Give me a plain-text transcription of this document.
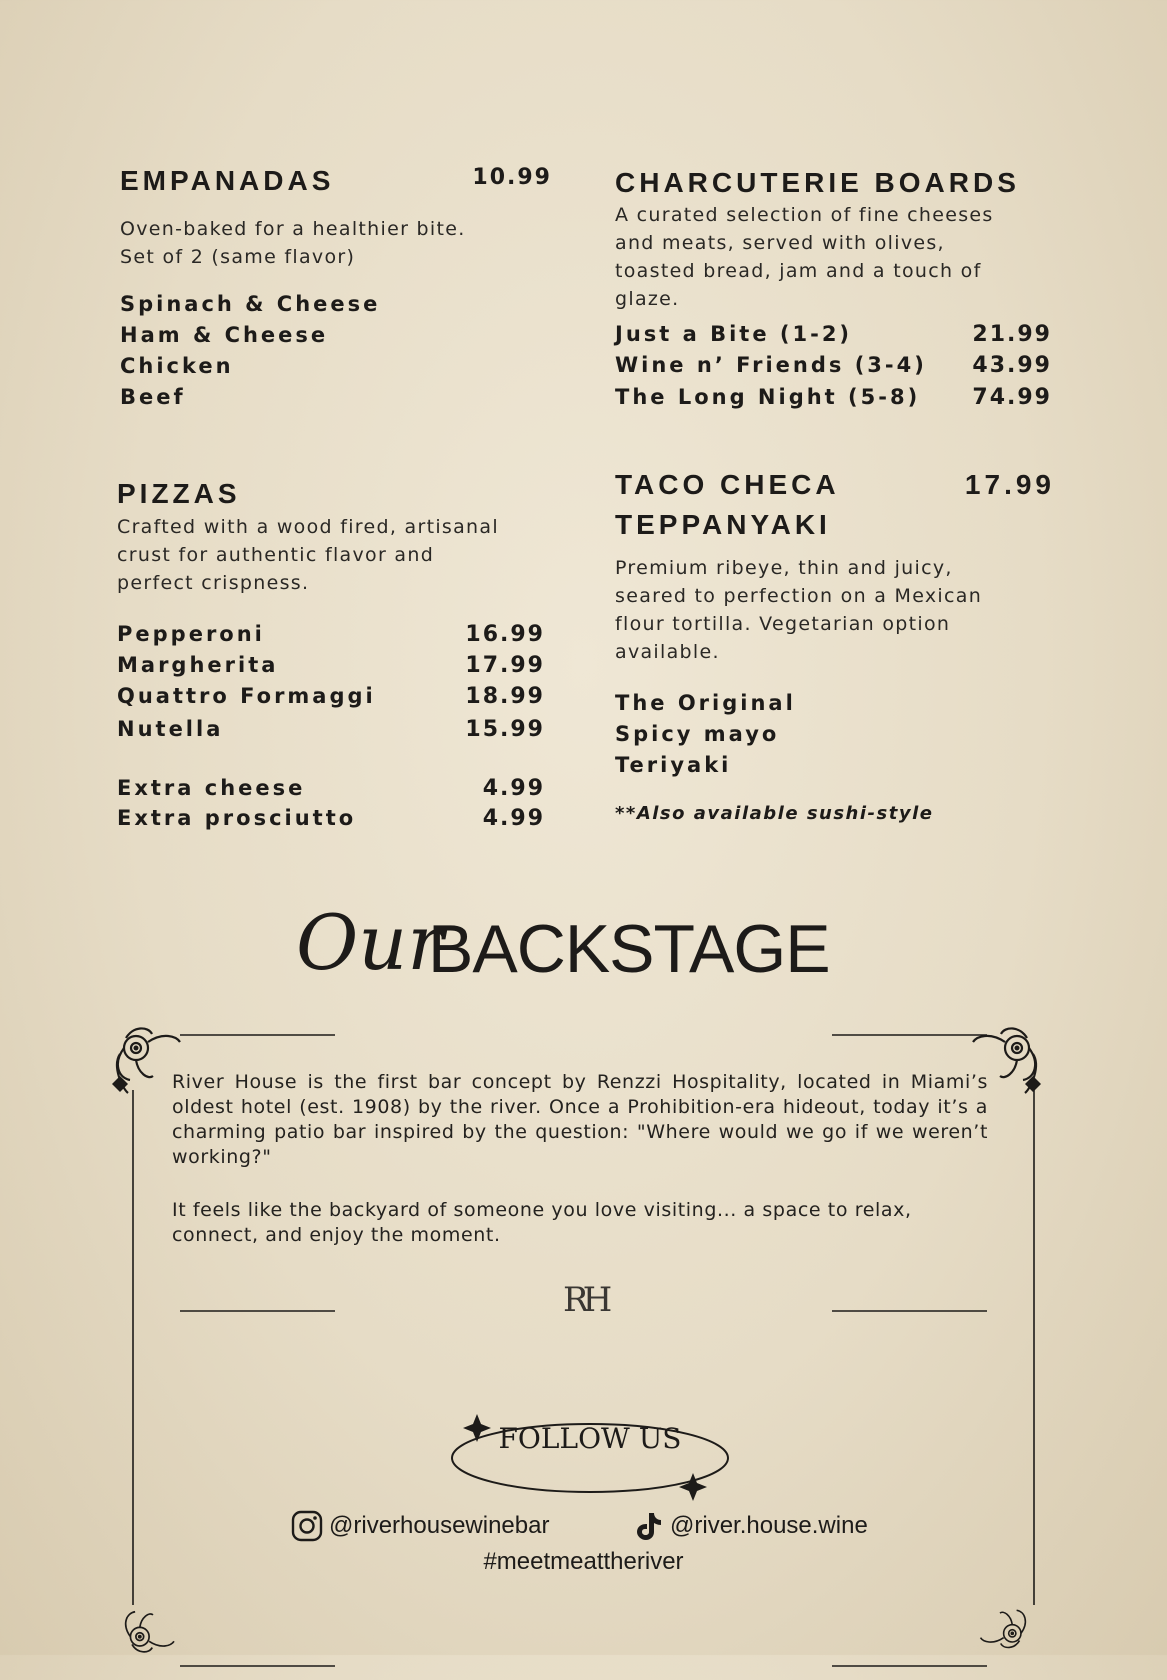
EMPANADAS	10.99
Oven-baked for a healthier bite.
Set of 2 (same flavor)
Spinach & Cheese
Ham & Cheese
Chicken
Beef
CHARCUTERIE BOARDS
A curated selection of fine cheeses
and meats, served with olives,
toasted bread, jam and a touch of
glaze.
Just a Bite (1-2)	21.99
Wine n’ Friends (3-4) 43.99
The Long Night (5-8) 74.99
PIZZAS
Crafted with a wood fired, artisanal
crust for authentic flavor and
perfect crispness.
Pepperoni	16.99
Margherita	17.99
Quattro Formaggi	18.99
Nutella	15.99
Extra cheese	4.99
Extra prosciutto	4.99
TACO CHECA	17.99
TEPPANYAKI
Premium ribeye, thin and juicy,
seared to perfection on a Mexican
flour tortilla. Vegetarian option
available.
The Original
Spicy mayo
Teriyaki
**Also available sushi-style
Our
BACKSTAGE
River House is the first bar concept by Renzzi Hospitality, located in Miami’s oldest hotel (est. 1908) by the river. Once a Prohibition-era hideout, today it’s a charming patio bar inspired by the question: "Where would we go if we weren’t working?"
It feels like the backyard of someone you love visiting... a space to relax, connect, and enjoy the moment.
RH
FOLLOW US
@riverhousewinebar	@river.house.wine
#meetmeattheriver
